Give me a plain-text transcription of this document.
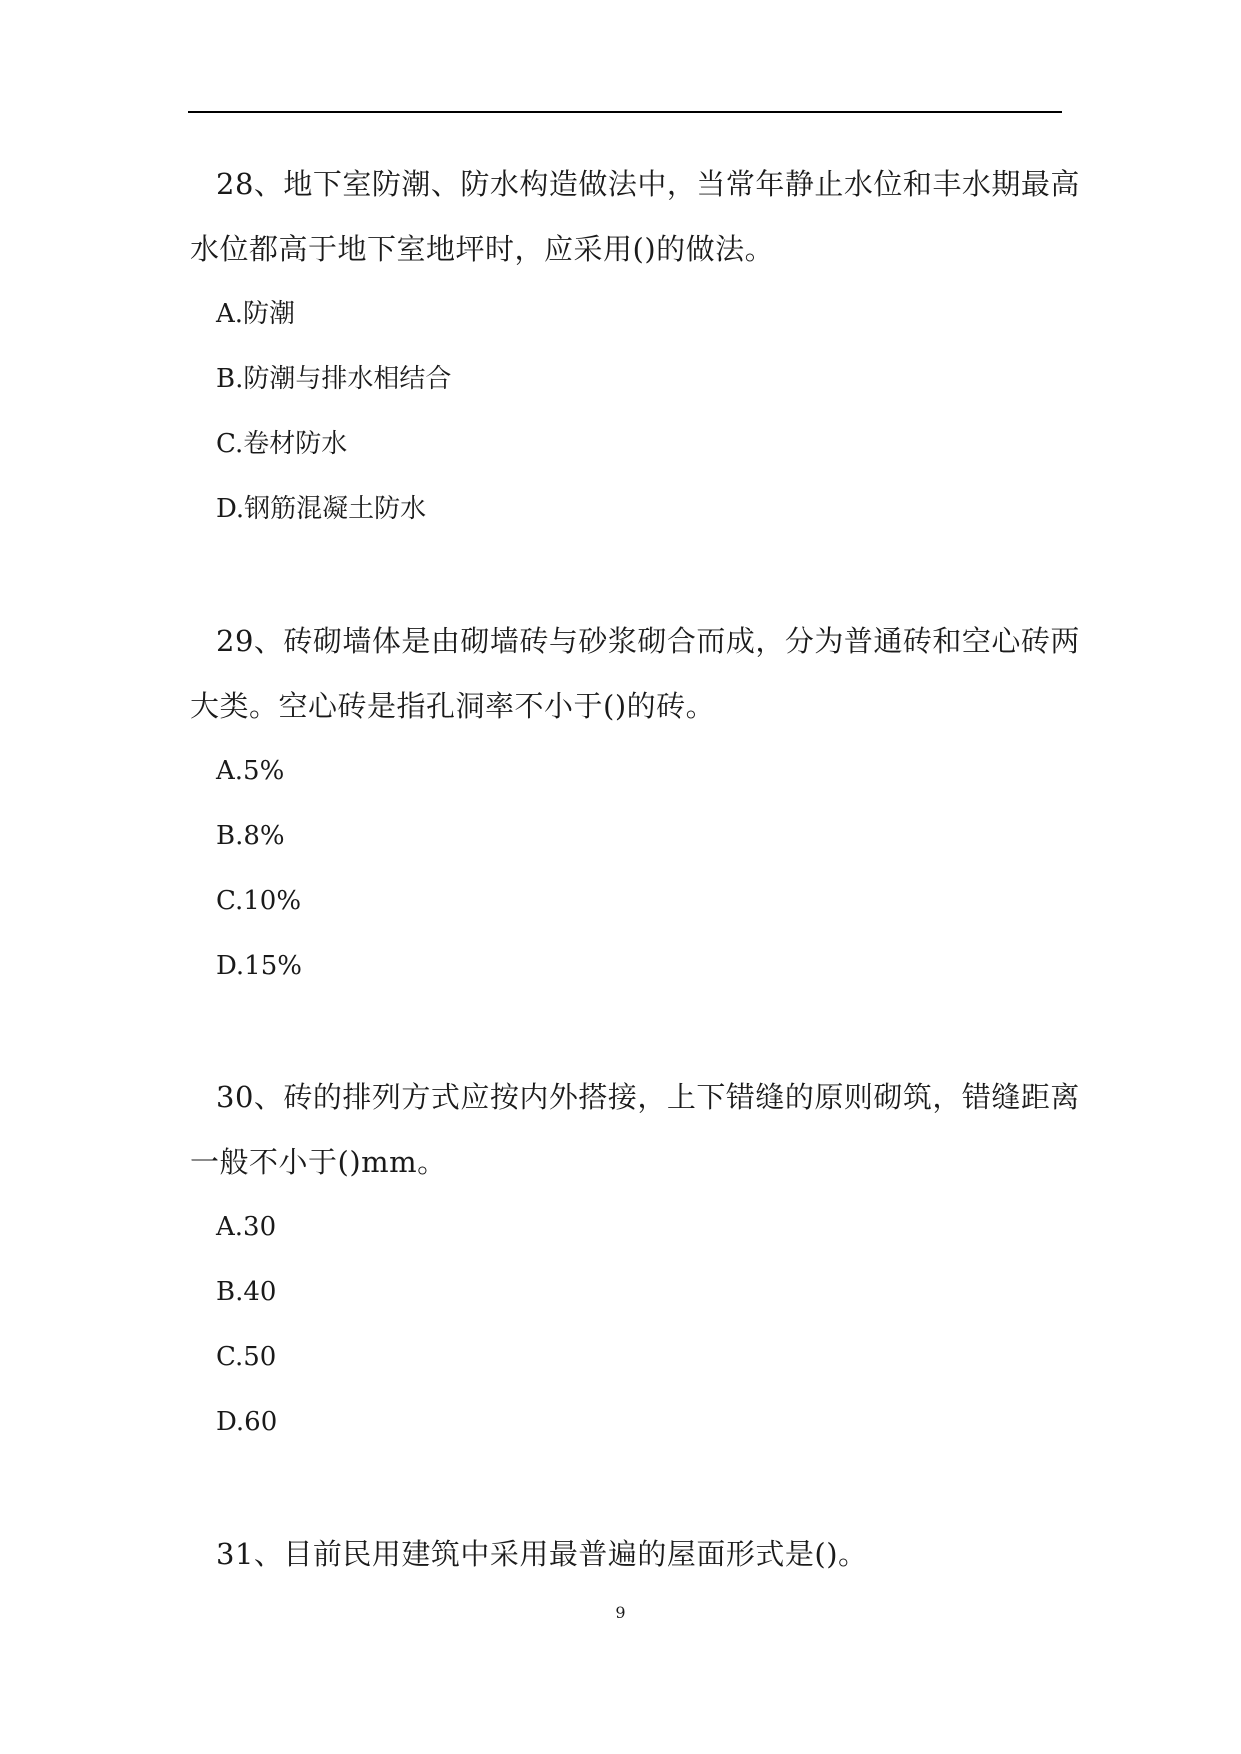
28、地下室防潮、防水构造做法中，当常年静止水位和丰水期最高
水位都高于地下室地坪时，应采用()的做法。
A.防潮
B.防潮与排水相结合
C.卷材防水
D.钢筋混凝土防水
29、砖砌墙体是由砌墙砖与砂浆砌合而成，分为普通砖和空心砖两
大类。空心砖是指孔洞率不小于()的砖。
A.5%
B.8%
C.10%
D.15%
30、砖的排列方式应按内外搭接，上下错缝的原则砌筑，错缝距离
一般不小于()mm。
A.30
B.40
C.50
D.60
31、目前民用建筑中采用最普遍的屋面形式是()。
9
